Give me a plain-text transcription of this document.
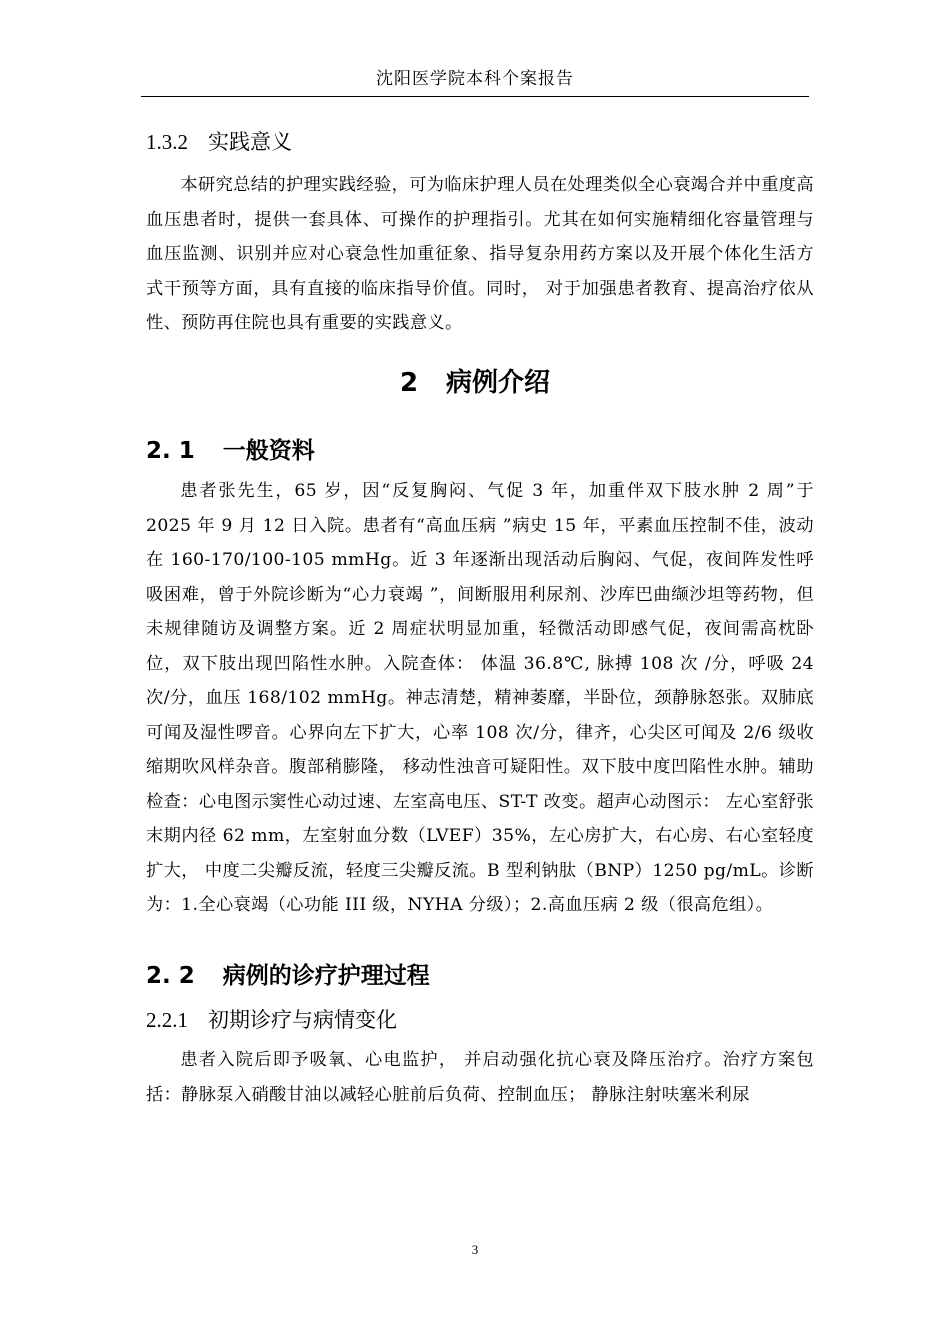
沈阳医学院本科个案报告
1.3.2 实践意义

本研究总结的护理实践经验，可为临床护理人员在处理类似全心衰竭合并中重度高血压患者时，提供一套具体、可操作的护理指引。尤其在如何实施精细化容量管理与血压监测、识别并应对心衰急性加重征象、指导复杂用药方案以及开展个体化生活方式干预等方面，具有直接的临床指导价值。同时， 对于加强患者教育、提高治疗依从性、预防再住院也具有重要的实践意义。

2 病例介绍
2. 1 一般资料

患者张先生，65 岁，因“反复胸闷、气促 3 年，加重伴双下肢水肿 2 周”于 2025 年 9 月 12 日入院。患者有“高血压病 ”病史 15 年，平素血压控制不佳，波动在 160-170/100-105 mmHg。近 3 年逐渐出现活动后胸闷、气促，夜间阵发性呼吸困难，曾于外院诊断为“心力衰竭 ”，间断服用利尿剂、沙库巴曲缬沙坦等药物，但未规律随访及调整方案。近 2 周症状明显加重，轻微活动即感气促，夜间需高枕卧位，双下肢出现凹陷性水肿。入院查体： 体温 36.8℃, 脉搏 108 次 /分，呼吸 24 次/分，血压 168/102 mmHg。神志清楚，精神萎靡，半卧位，颈静脉怒张。双肺底可闻及湿性啰音。心界向左下扩大，心率 108 次/分，律齐，心尖区可闻及 2/6 级收缩期吹风样杂音。腹部稍膨隆， 移动性浊音可疑阳性。双下肢中度凹陷性水肿。辅助检查：心电图示窦性心动过速、左室高电压、ST-T 改变。超声心动图示： 左心室舒张末期内径 62 mm，左室射血分数（LVEF）35%，左心房扩大，右心房、右心室轻度扩大， 中度二尖瓣反流，轻度三尖瓣反流。B 型利钠肽（BNP）1250 pg/mL。诊断为：1.全心衰竭（心功能 III 级，NYHA 分级）；2.高血压病 2 级（很高危组）。

2. 2 病例的诊疗护理过程
2.2.1 初期诊疗与病情变化

患者入院后即予吸氧、心电监护， 并启动强化抗心衰及降压治疗。治疗方案包括：静脉泵入硝酸甘油以减轻心脏前后负荷、控制血压； 静脉注射呋塞米利尿

3
